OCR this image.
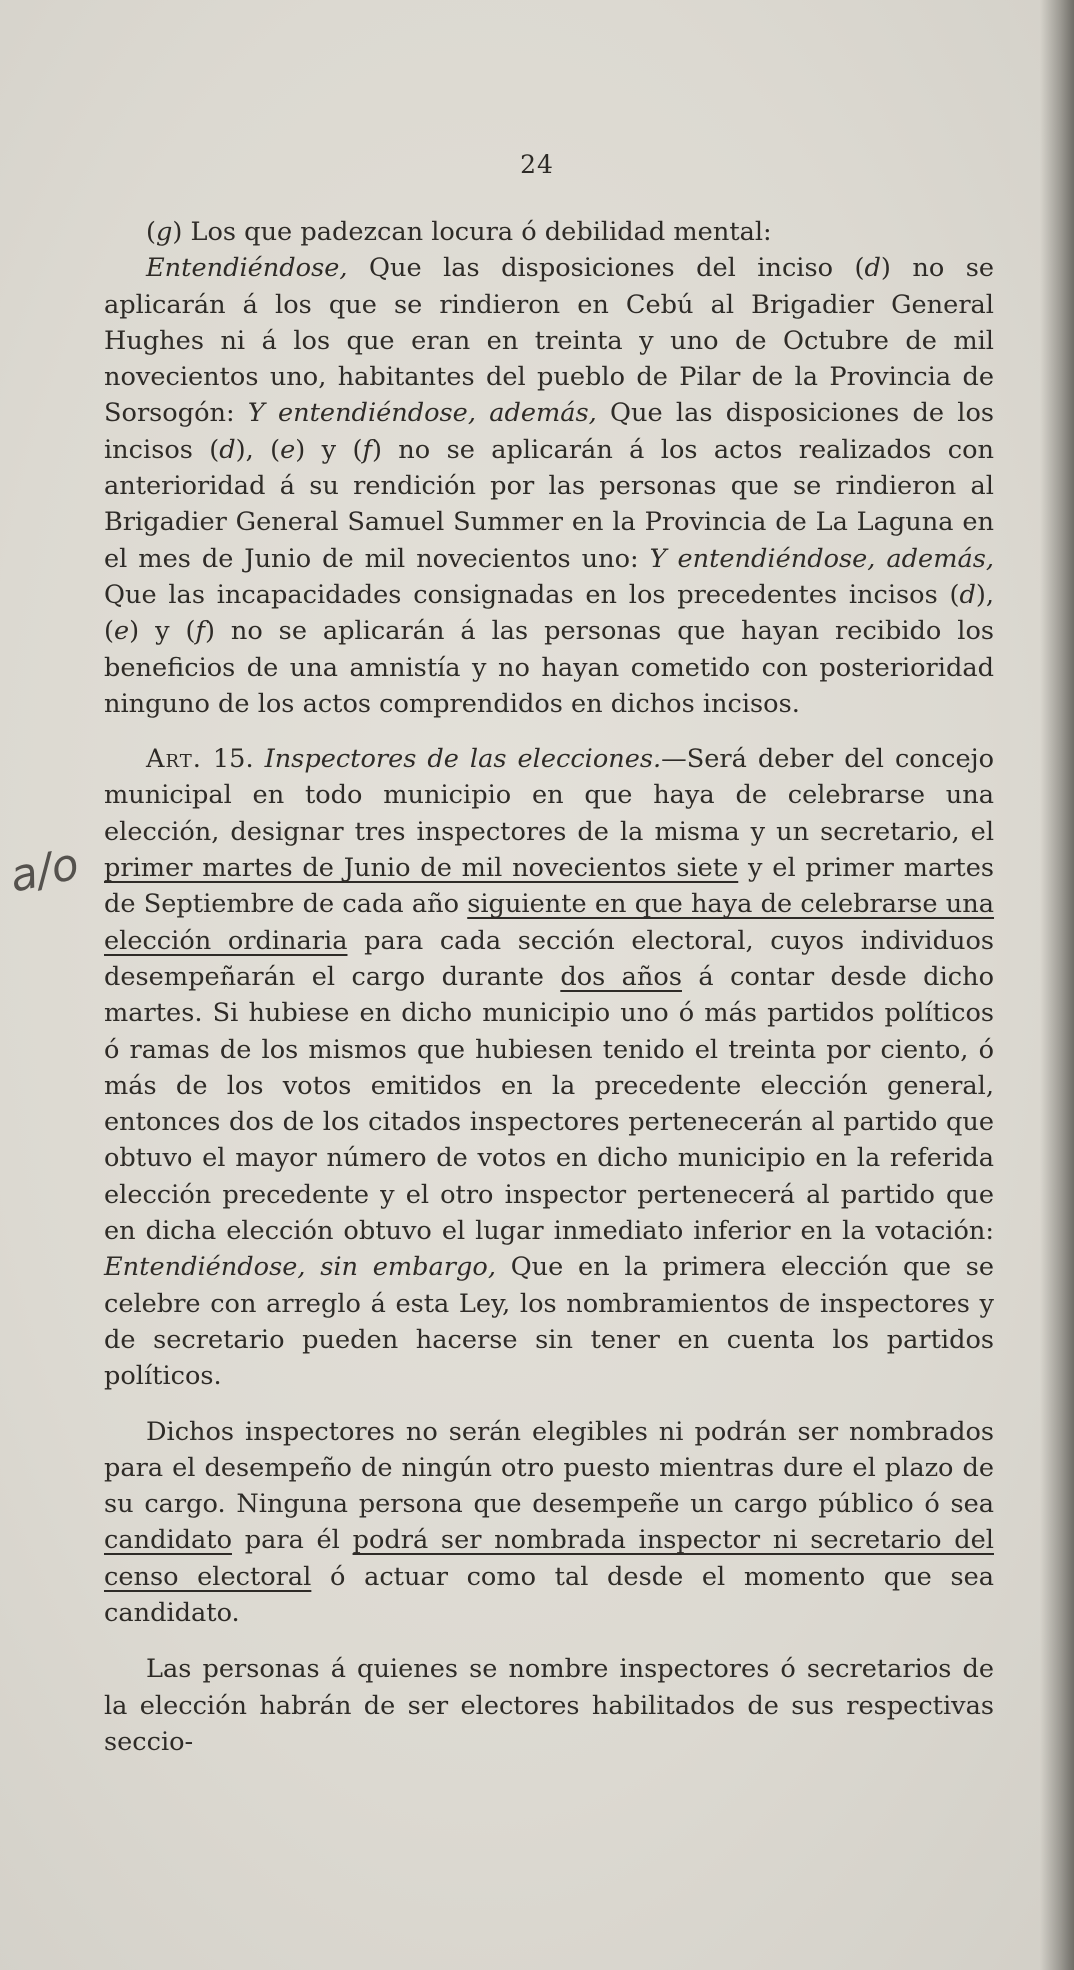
24

(g) Los que padezcan locura ó debilidad mental:

Entendiéndose, Que las disposiciones del inciso (d) no se aplicarán á los que se rindieron en Cebú al Brigadier General Hughes ni á los que eran en treinta y uno de Octubre de mil novecientos uno, habitantes del pueblo de Pilar de la Provincia de Sorsogón: Y entendiéndose, además, Que las disposiciones de los incisos (d), (e) y (f) no se aplicarán á los actos realizados con anterioridad á su rendición por las personas que se rindieron al Brigadier General Samuel Summer en la Provincia de La Laguna en el mes de Junio de mil novecientos uno: Y entendiéndose, además, Que las incapacidades consignadas en los precedentes incisos (d), (e) y (f) no se aplicarán á las personas que hayan recibido los beneficios de una amnistía y no hayan cometido con posterioridad ninguno de los actos comprendidos en dichos incisos.

Art. 15. Inspectores de las elecciones.—Será deber del concejo municipal en todo municipio en que haya de celebrarse una elección, designar tres inspectores de la misma y un secretario, el primer martes de Junio de mil novecientos siete y el primer martes de Septiembre de cada año siguiente en que haya de celebrarse una elección ordinaria para cada sección electoral, cuyos individuos desempeñarán el cargo durante dos años á contar desde dicho martes. Si hubiese en dicho municipio uno ó más partidos políticos ó ramas de los mismos que hubiesen tenido el treinta por ciento, ó más de los votos emitidos en la precedente elección general, entonces dos de los citados inspectores pertenecerán al partido que obtuvo el mayor número de votos en dicho municipio en la referida elección precedente y el otro inspector pertenecerá al partido que en dicha elección obtuvo el lugar inmediato inferior en la votación: Entendiéndose, sin embargo, Que en la primera elección que se celebre con arreglo á esta Ley, los nombramientos de inspectores y de secretario pueden hacerse sin tener en cuenta los partidos políticos.

Dichos inspectores no serán elegibles ni podrán ser nombrados para el desempeño de ningún otro puesto mientras dure el plazo de su cargo. Ninguna persona que desempeñe un cargo público ó sea candidato para él podrá ser nombrada inspector ni secretario del censo electoral ó actuar como tal desde el momento que sea candidato.

Las personas á quienes se nombre inspectores ó secretarios de la elección habrán de ser electores habilitados de sus respectivas seccio-

a/o
